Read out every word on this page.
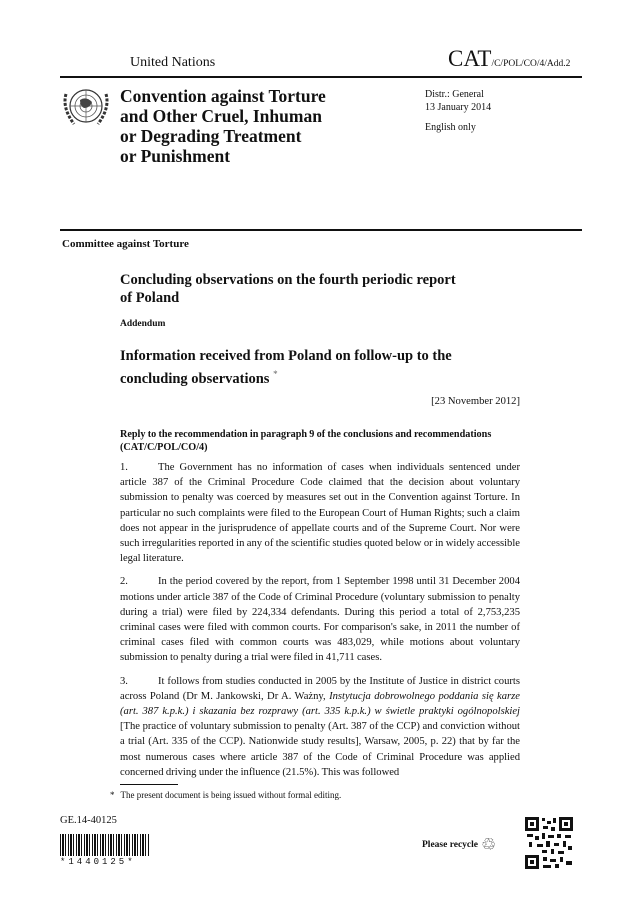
United Nations	CAT/C/POL/CO/4/Add.2
Convention against Torture
and Other Cruel, Inhuman
or Degrading Treatment
or Punishment
Distr.: General
13 January 2014
English only
Committee against Torture
Concluding observations on the fourth periodic report
of Poland
Addendum
Information received from Poland on follow-up to the
concluding observations *
[23 November 2012]
Reply to the recommendation in paragraph 9 of the conclusions and recommendations (CAT/C/POL/CO/4)

1.	The Government has no information of cases when individuals sentenced under article 387 of the Criminal Procedure Code claimed that the decision about voluntary submission to penalty was coerced by measures set out in the Convention against Torture. In particular no such complaints were filed to the European Court of Human Rights; such a claim does not appear in the jurisprudence of appellate courts and of the Supreme Court. Nor were such irregularities reported in any of the scientific studies quoted below or in widely accessible legal literature.

2.	In the period covered by the report, from 1 September 1998 until 31 December 2004 motions under article 387 of the Code of Criminal Procedure (voluntary submission to penalty during a trial) were filed by 224,334 defendants. During this period a total of 2,753,235 criminal cases were filed with common courts. For comparison's sake, in 2011 the number of criminal cases filed with common courts was 483,029, while motions about voluntary submission to penalty during a trial were filed in 41,711 cases.

3.	It follows from studies conducted in 2005 by the Institute of Justice in district courts across Poland (Dr M. Jankowski, Dr A. Ważny, Instytucja dobrowolnego poddania się karze (art. 387 k.p.k.) i skazania bez rozprawy (art. 335 k.p.k.) w świetle praktyki ogólnopolskiej [The practice of voluntary submission to penalty (Art. 387 of the CCP) and conviction without a trial (Art. 335 of the CCP). Nationwide study results], Warsaw, 2005, p. 22) that by far the most numerous cases where article 387 of the Code of Criminal Procedure was applied concerned driving under the influence (21.5%). This was followed

* The present document is being issued without formal editing.
GE.14-40125
*1440125*
Please recycle ♲
